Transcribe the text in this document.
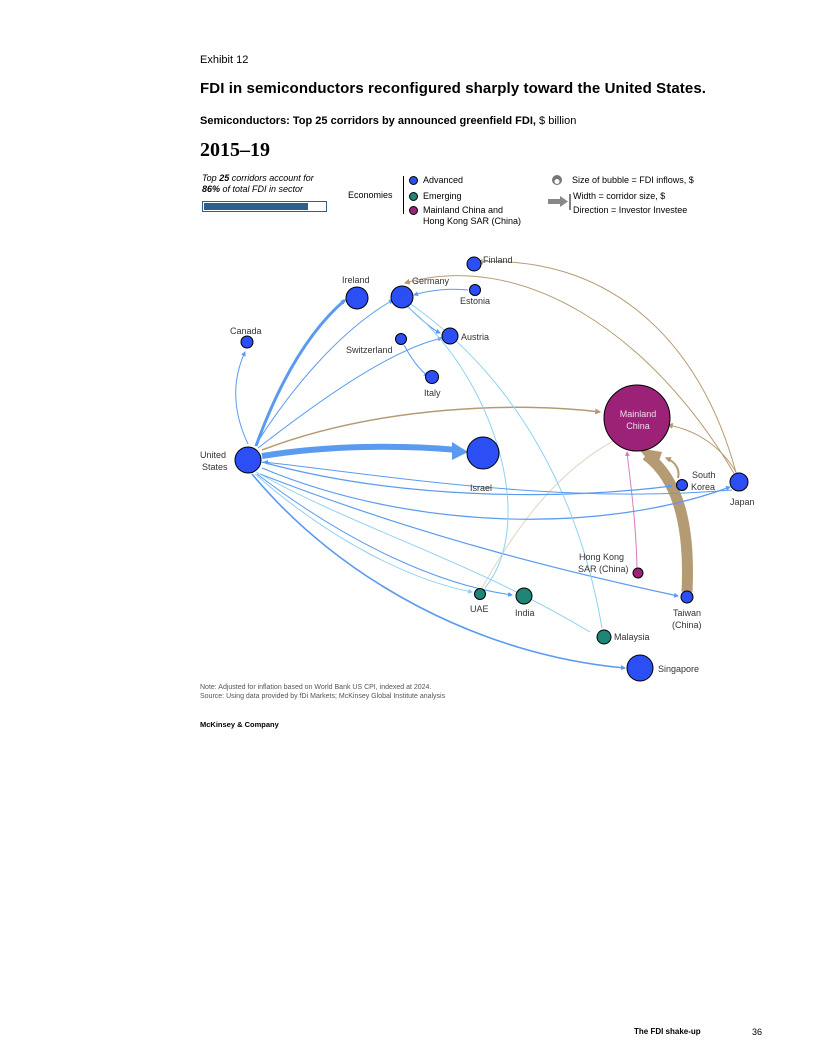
Exhibit 12
FDI in semiconductors reconfigured sharply toward the United States.
Semiconductors: Top 25 corridors by announced greenfield FDI, $ billion
2015–19
Top 25 corridors account for
86% of total FDI in sector
Economies
Advanced
Emerging
Mainland China and
Hong Kong SAR (China)
Size of bubble = FDI inflows, $
Width = corridor size, $
Direction = Investor Investee
Finland
Ireland	Germany
Estonia
Canada
Switzerland
Austria
Italy
United
States
Israel
Mainland
China
South
Korea
Japan
Hong Kong
SAR (China)
UAE	India	Taiwan
(China)
Malaysia
Singapore
Note: Adjusted for inflation based on World Bank US CPI, indexed at 2024.
Source: Using data provided by fDi Markets; McKinsey Global Institute analysis
McKinsey & Company
The FDI shake-up	36
